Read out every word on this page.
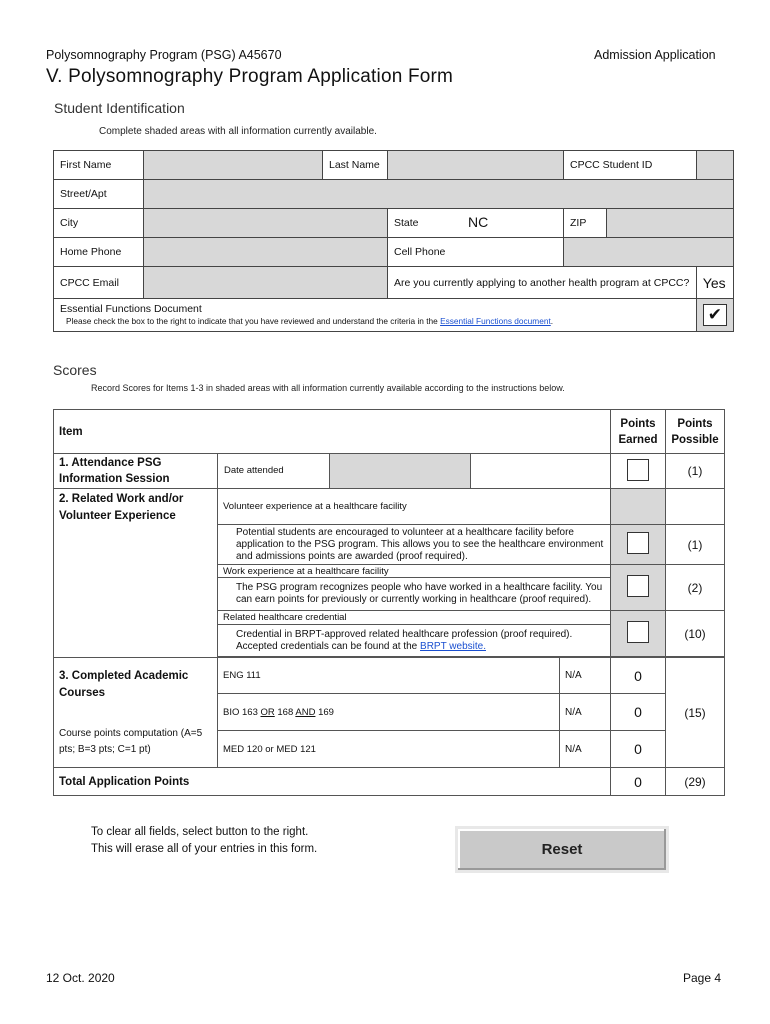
Polysomnography Program (PSG) A45670	Admission Application
V. Polysomnography Program Application Form
Student Identification
Complete shaded areas with all information currently available.
First Name		Last Name		CPCC Student ID		
Street/Apt						
City			State NC	ZIP		
Home Phone			Cell Phone			
CPCC Email			Are you currently applying to another health program at CPCC?			Yes

Essential Functions Document
Please check the box to the right to indicate that you have reviewed and understand the criteria in the Essential Functions document.						✔
Scores
Record Scores for Items 1-3 in shaded areas with all information currently available according to the instructions below.
Item			Points Earned	Points Possible
1. Attendance PSG Information Session	Date attended			(1)
2. Related Work and/or Volunteer Experience	Volunteer experience at a healthcare facility			
	Potential students are encouraged to volunteer at a healthcare facility before application to the PSG program. This allows you to see the healthcare environment and admissions points are awarded (proof required).			(1)
	Work experience at a healthcare facility			(2)
	The PSG program recognizes people who have worked in a healthcare facility. You can earn points for previously or currently working in healthcare (proof required).			
	Related healthcare credential			(10)
	Credential in BRPT-approved related healthcare profession (proof required). Accepted credentials can be found at the BRPT website.			

3. Completed Academic Courses
Course points computation (A=5 pts; B=3 pts; C=1 pt)	ENG 111	N/A	0	(15)
	BIO 163 OR 168 AND 169	N/A	0	
	MED 120 or MED 121	N/A	0	
Total Application Points			0	(29)
To clear all fields, select button to the right.
This will erase all of your entries in this form.	Reset
12 Oct. 2020	Page 4
